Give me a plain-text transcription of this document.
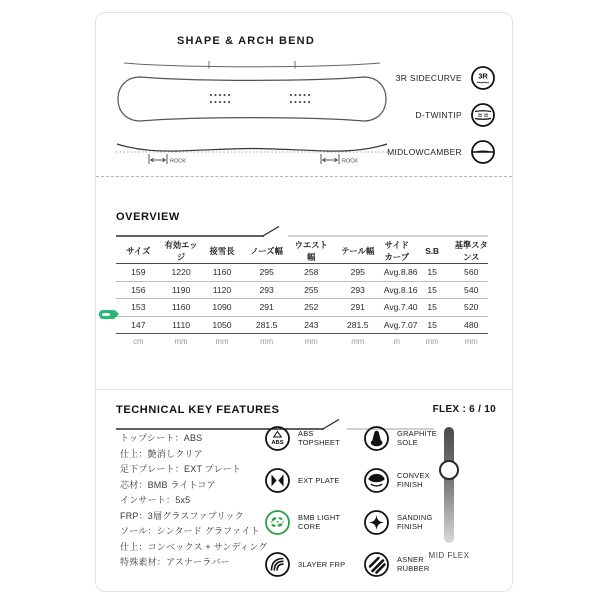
SHAPE & ARCH BEND
ROCK	ROCK
3R SIDECURVE 3R
D-TWINTIP
MIDLOWCAMBER
OVERVIEW
サイズ	有効エッジ	接雪長	ノーズ幅	ウエスト幅	テール幅	サイドカーブ	S.B	基準スタンス
159	1220	1160	295	258	295	Avg.8.86	15	560
156	1190	1120	293	255	293	Avg.8.16	15	540
153	1160	1090	291	252	291	Avg.7.40	15	520
147	1110	1050	281.5	243	281.5	Avg.7.07	15	480
cm	mm	mm	mm	mm	mm	m	mm	mm
TECHNICAL KEY FEATURES	FLEX : 6 / 10
トップシート：ABS
仕上：艶消しクリア
足下プレート：EXT プレート
芯材：BMB ライトコア
インサート：5x5
FRP：3層グラスファブリック
ソール：シンタード グラファイト
仕上：コンベックス + サンディング
特殊素材：アスナーラバー
ABS
ABS TOPSHEET
GRAPHITE SOLE
EXT PLATE	CONVEX FINISH
BMB LIGHT CORE
SANDING FINISH
3LAYER FRP	ASNER RUBBER
MID FLEX
